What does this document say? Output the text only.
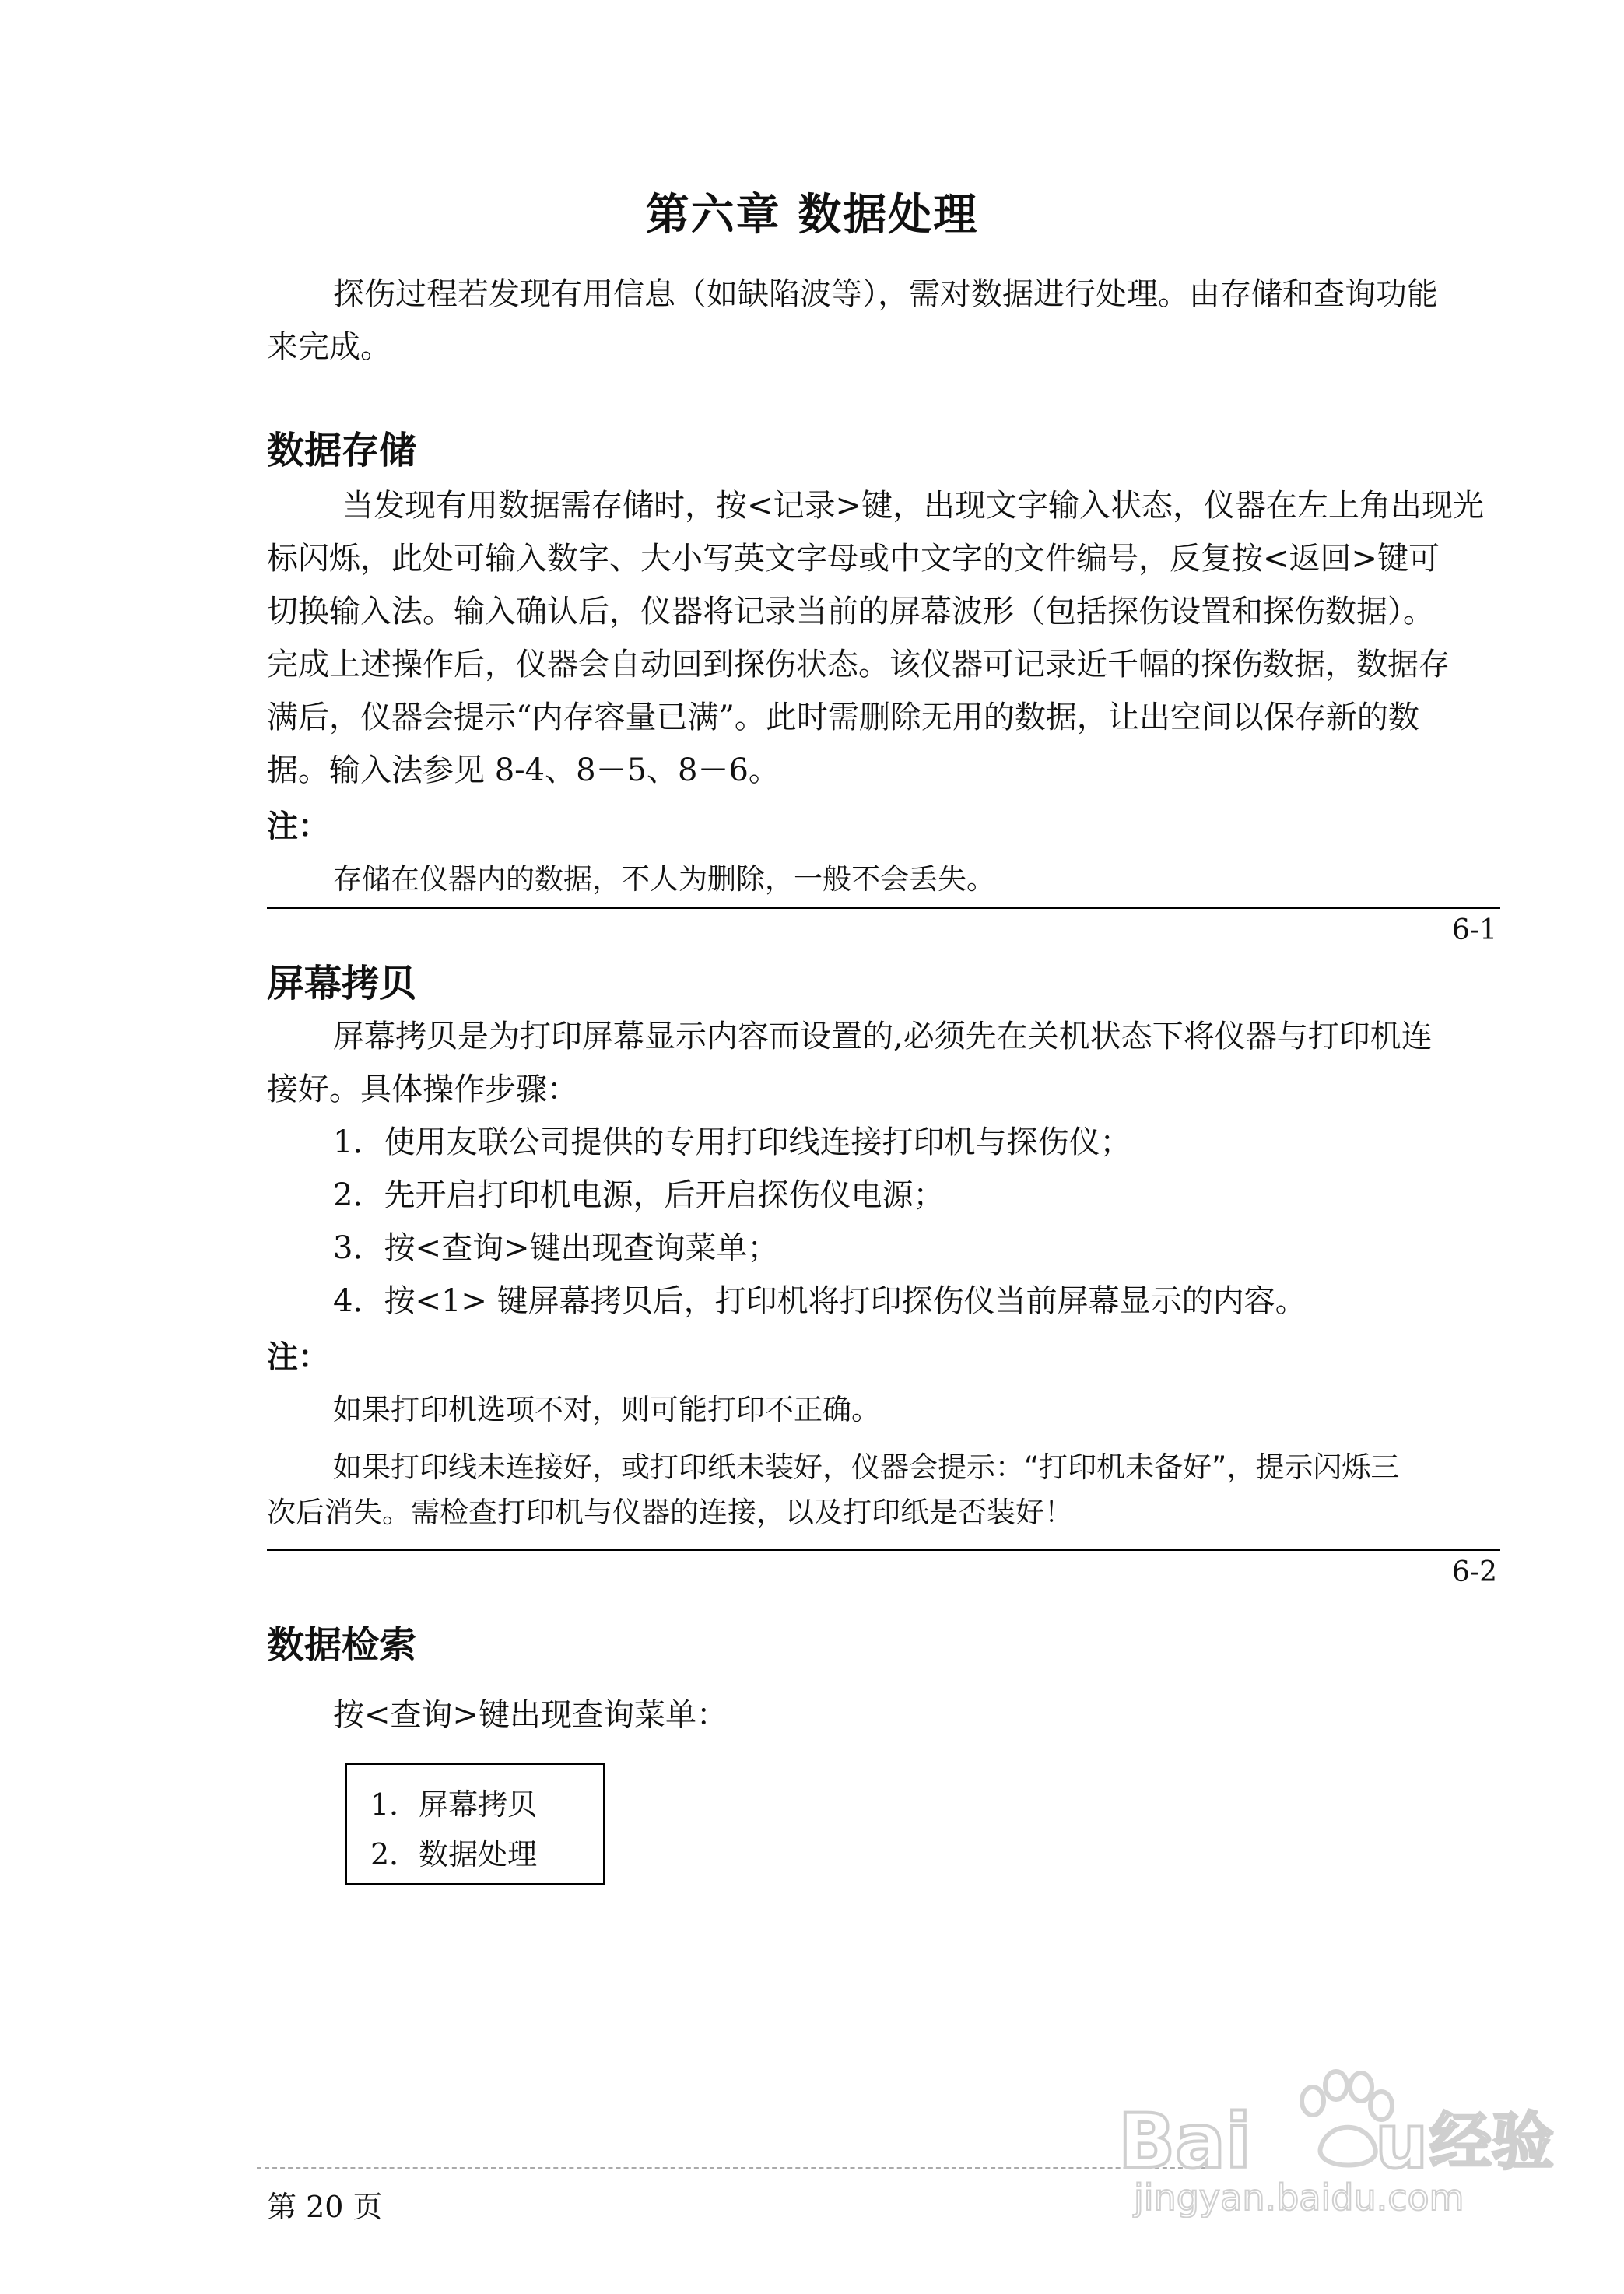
第六章 数据处理
探伤过程若发现有用信息（如缺陷波等），需对数据进行处理。由存储和查询功能
来完成。
数据存储
当发现有用数据需存储时，按<记录>键，出现文字输入状态，仪器在左上角出现光
标闪烁，此处可输入数字、大小写英文字母或中文字的文件编号，反复按<返回>键可
切换输入法。输入确认后，仪器将记录当前的屏幕波形（包括探伤设置和探伤数据）。
完成上述操作后，仪器会自动回到探伤状态。该仪器可记录近千幅的探伤数据，数据存
满后，仪器会提示“内存容量已满”。此时需删除无用的数据，让出空间以保存新的数
据。输入法参见 8-4、8－5、8－6。
注：
存储在仪器内的数据，不人为删除，一般不会丢失。
6-1
屏幕拷贝
屏幕拷贝是为打印屏幕显示内容而设置的,必须先在关机状态下将仪器与打印机连
接好。具体操作步骤：
1．使用友联公司提供的专用打印线连接打印机与探伤仪；
2．先开启打印机电源，后开启探伤仪电源；
3．按<查询>键出现查询菜单；
4．按<1> 键屏幕拷贝后，打印机将打印探伤仪当前屏幕显示的内容。
注：
如果打印机选项不对，则可能打印不正确。
如果打印线未连接好，或打印纸未装好，仪器会提示：“打印机未备好”，提示闪烁三
次后消失。需检查打印机与仪器的连接，以及打印纸是否装好！
6-2
数据检索
按<查询>键出现查询菜单：
1．屏幕拷贝
2．数据处理
第 20 页
Bai u 经验
jingyan.baidu.com
